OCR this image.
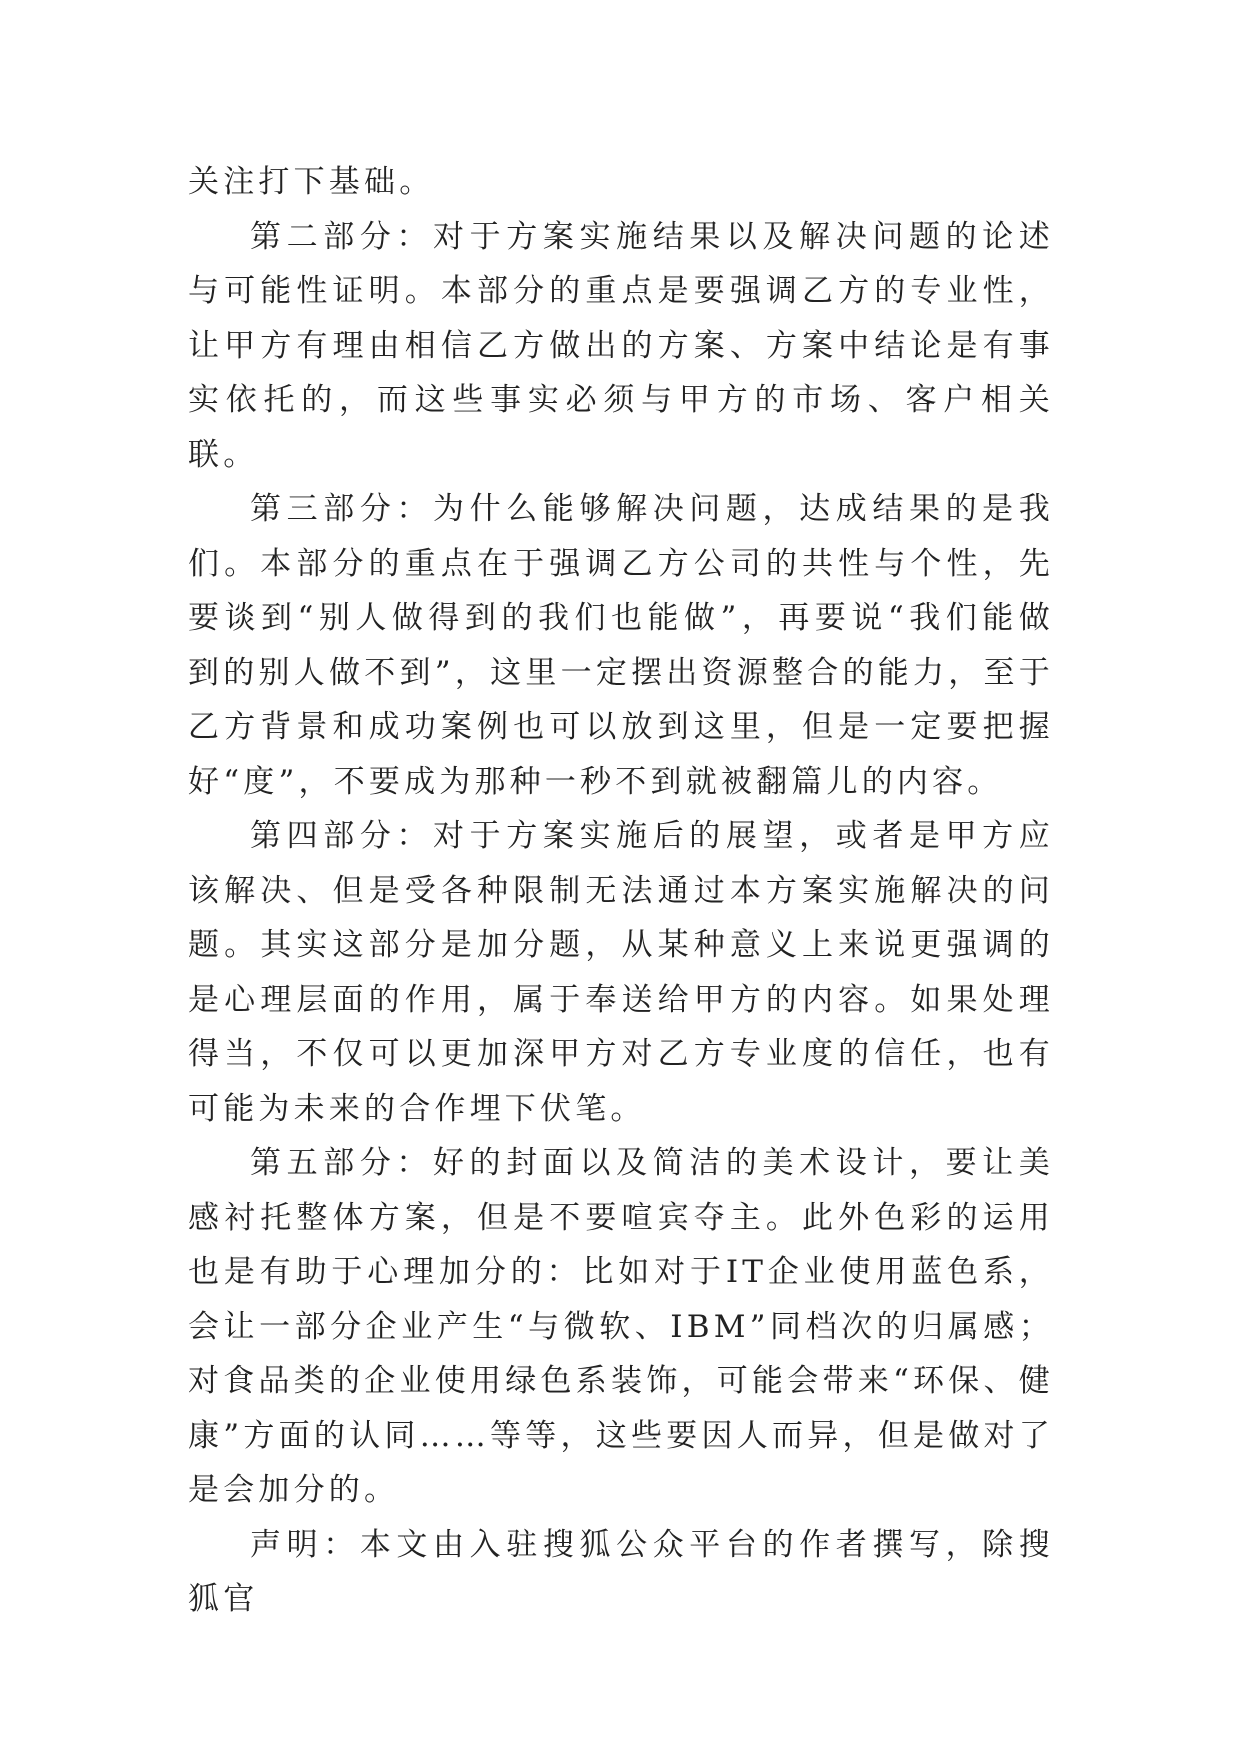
关注打下基础。

第二部分：对于方案实施结果以及解决问题的论述与可能性证明。本部分的重点是要强调乙方的专业性，让甲方有理由相信乙方做出的方案、方案中结论是有事实依托的，而这些事实必须与甲方的市场、客户相关联。

第三部分：为什么能够解决问题，达成结果的是我们。本部分的重点在于强调乙方公司的共性与个性，先要谈到“别人做得到的我们也能做”，再要说“我们能做到的别人做不到”，这里一定摆出资源整合的能力，至于乙方背景和成功案例也可以放到这里，但是一定要把握好“度”，不要成为那种一秒不到就被翻篇儿的内容。

第四部分：对于方案实施后的展望，或者是甲方应该解决、但是受各种限制无法通过本方案实施解决的问题。其实这部分是加分题，从某种意义上来说更强调的是心理层面的作用，属于奉送给甲方的内容。如果处理得当，不仅可以更加深甲方对乙方专业度的信任，也有可能为未来的合作埋下伏笔。

第五部分：好的封面以及简洁的美术设计，要让美感衬托整体方案，但是不要喧宾夺主。此外色彩的运用也是有助于心理加分的：比如对于IT企业使用蓝色系，会让一部分企业产生“与微软、IBM”同档次的归属感；对食品类的企业使用绿色系装饰，可能会带来“环保、健康”方面的认同……等等，这些要因人而异，但是做对了是会加分的。

声明：本文由入驻搜狐公众平台的作者撰写，除搜狐官
